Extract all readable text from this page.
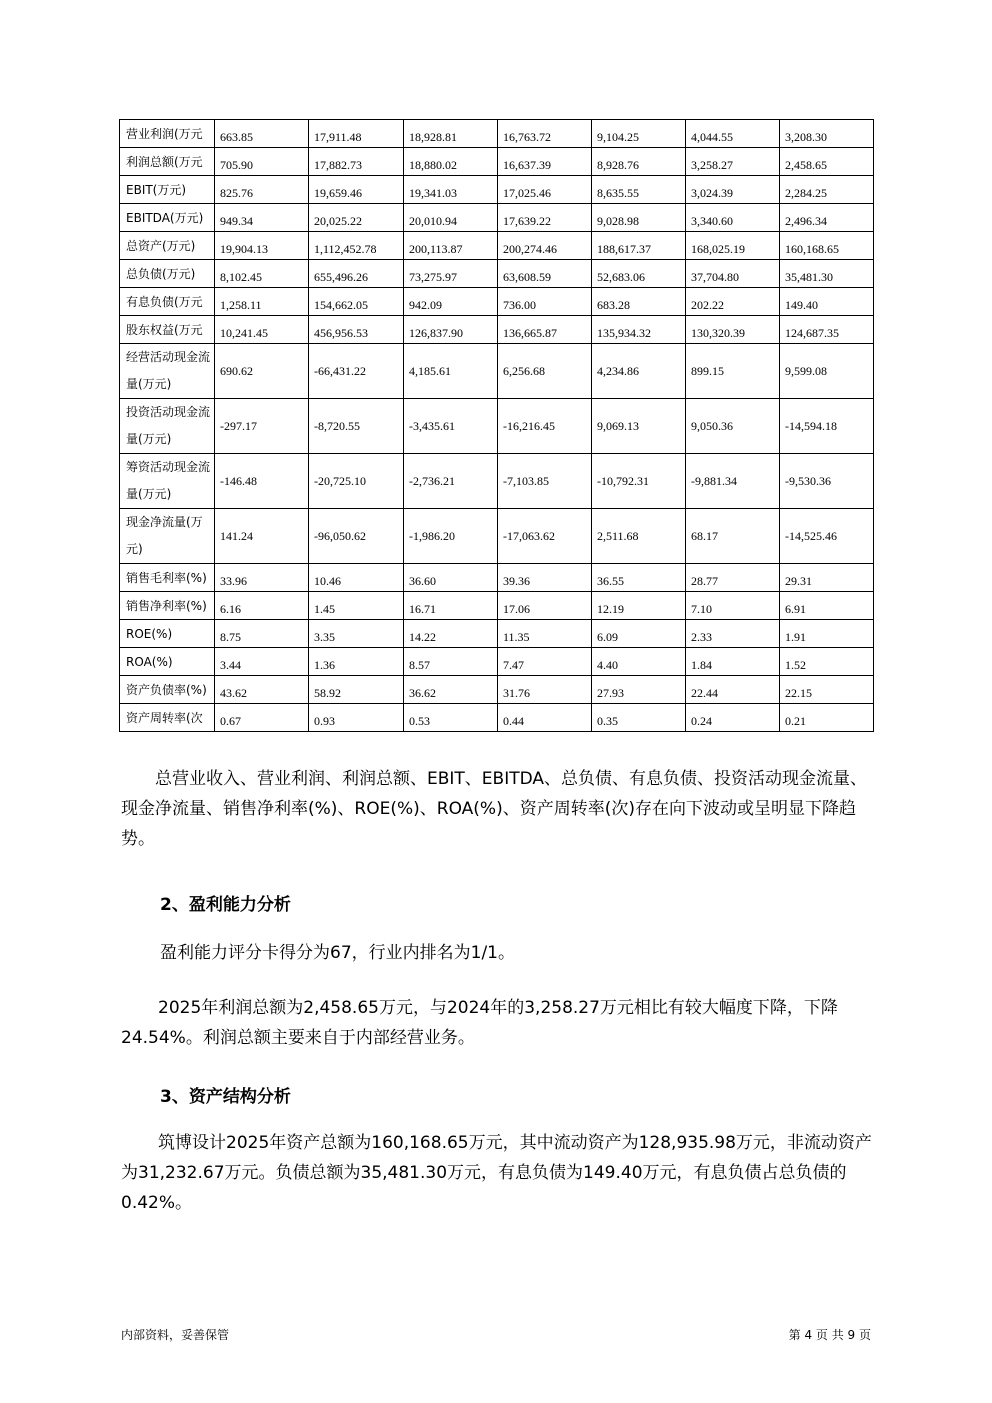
营业利润(万元	663.85	17,911.48	18,928.81	16,763.72	9,104.25	4,044.55	3,208.30
利润总额(万元	705.90	17,882.73	18,880.02	16,637.39	8,928.76	3,258.27	2,458.65
EBIT(万元)	825.76	19,659.46	19,341.03	17,025.46	8,635.55	3,024.39	2,284.25
EBITDA(万元)	949.34	20,025.22	20,010.94	17,639.22	9,028.98	3,340.60	2,496.34
总资产(万元)	19,904.13	1,112,452.78	200,113.87	200,274.46	188,617.37	168,025.19	160,168.65
总负债(万元)	8,102.45	655,496.26	73,275.97	63,608.59	52,683.06	37,704.80	35,481.30
有息负债(万元	1,258.11	154,662.05	942.09	736.00	683.28	202.22	149.40
股东权益(万元	10,241.45	456,956.53	126,837.90	136,665.87	135,934.32	130,320.39	124,687.35
经营活动现金流量(万元)	690.62	-66,431.22	4,185.61	6,256.68	4,234.86	899.15	9,599.08
投资活动现金流量(万元)	-297.17	-8,720.55	-3,435.61	-16,216.45	9,069.13	9,050.36	-14,594.18
筹资活动现金流量(万元)	-146.48	-20,725.10	-2,736.21	-7,103.85	-10,792.31	-9,881.34	-9,530.36
现金净流量(万元)	141.24	-96,050.62	-1,986.20	-17,063.62	2,511.68	68.17	-14,525.46
销售毛利率(%)	33.96	10.46	36.60	39.36	36.55	28.77	29.31
销售净利率(%)	6.16	1.45	16.71	17.06	12.19	7.10	6.91
ROE(%)	8.75	3.35	14.22	11.35	6.09	2.33	1.91
ROA(%)	3.44	1.36	8.57	7.47	4.40	1.84	1.52
资产负债率(%)	43.62	58.92	36.62	31.76	27.93	22.44	22.15
资产周转率(次	0.67	0.93	0.53	0.44	0.35	0.24	0.21
总营业收入、营业利润、利润总额、EBIT、EBITDA、总负债、有息负债、投资活动现金流量、现金净流量、销售净利率(%)、ROE(%)、ROA(%)、资产周转率(次)存在向下波动或呈明显下降趋势。
2、盈利能力分析
盈利能力评分卡得分为67，行业内排名为1/1。
2025年利润总额为2,458.65万元，与2024年的3,258.27万元相比有较大幅度下降，下降24.54%。利润总额主要来自于内部经营业务。
3、资产结构分析
筑博设计2025年资产总额为160,168.65万元，其中流动资产为128,935.98万元，非流动资产为31,232.67万元。负债总额为35,481.30万元，有息负债为149.40万元，有息负债占总负债的0.42%。
内部资料，妥善保管	第 4 页 共 9 页
